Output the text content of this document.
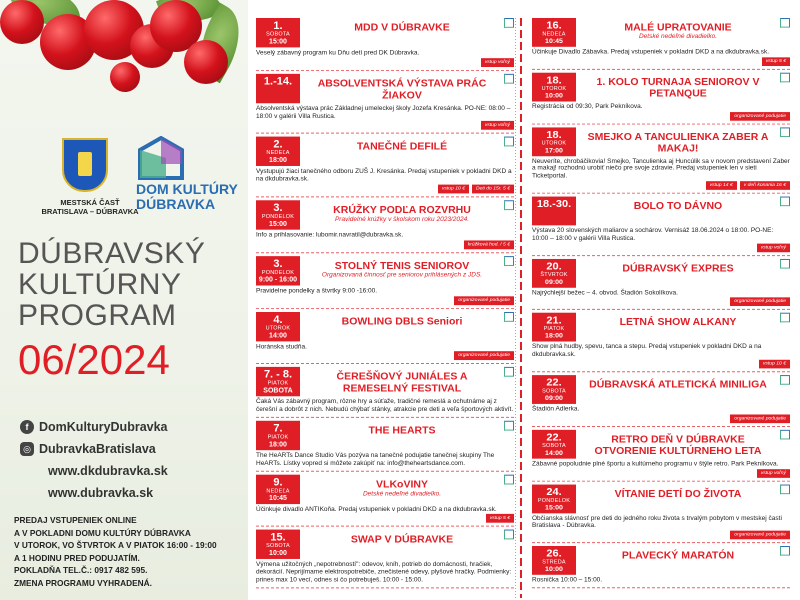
MESTSKÁ ČASŤ
BRATISLAVA – DÚBRAVKA
DOM KULTÚRY
DÚBRAVKA
DÚBRAVSKÝ
KULTÚRNY
PROGRAM
06/2024
f DomKulturyDubravka
◎ DubravkaBratislava
www.dkdubravka.sk
www.dubravka.sk
PREDAJ VSTUPENIEK ONLINE
A V POKLADNI DOMU KULTÚRY DÚBRAVKA
V UTOROK, VO ŠTVRTOK A V PIATOK 16:00 - 19:00
A 1 HODINU PRED PODUJATÍM.
POKLADŇA TEL.Č.: 0917 482 595.
ZMENA PROGRAMU VYHRADENÁ.
1.
SOBOTA
15:00
MDD V DÚBRAVKE
Veselý zábavný program ku Dňu detí pred DK Dúbravka.
vstup voľný
1.-14.	ABSOLVENTSKÁ VÝSTAVA PRÁC ŽIAKOV
Absolventská výstava prác Základnej umeleckej školy Jozefa Kresánka. PO-NE: 08:00 – 18:00 v galérii Villa Rustica.
vstup voľný
2.
NEDEĽA
18:00
TANEČNÉ DEFILÉ
Vystupujú žiaci tanečného odboru ZUŠ J. Kresánka. Predaj vstupeniek v pokladni DKD a na dkdubravka.sk.
vstup 10 €	Deti do 15r. 5 €
3.
PONDELOK
15:00
KRÚŽKY PODĽA ROZVRHU
Pravidelné krúžky v školskom roku 2023/2024.
Info a prihlasovanie: lubomir.navratil@dubravka.sk.
krúžková hod. / 5 €
3.
PONDELOK
9:00 - 16:00
STOLNÝ TENIS SENIOROV
Organizovaná činnosť pre seniorov prihlásených z JDS.
Pravidelne pondelky a štvrtky 9:00 -16:00.
organizované podujatie
4.
UTOROK
14:00
BOWLING DBLS Seniori
Horánska studňa.
organizované podujatie
7. - 8.
PIATOK
SOBOTA
ČEREŠŇOVÝ JUNIÁLES A REMESELNÝ FESTIVAL
Čaká Vás zábavný program, rôzne hry a súťaže, tradičné remeslá a ochutnáme aj z čerešní a dobrôt z nich. Nebudú chýbať stánky, atrakcie pre deti a veľa športových aktivít.
7.
PIATOK
18:00
THE HEARTS
The HeARTs Dance Studio Vás pozýva na tanečné podujatie tanečnej skupiny The HeARTs. Lístky vopred si môžete zakúpiť na: info@theheartsdance.com.
9.
NEDEĽA
10:45
VLKoVINY
Detské nedeľné divadielko.
Účinkuje divadlo ANTIKoňa. Predaj vstupeniek v pokladni DKD a na dkdubravka.sk.
vstup 5 €
15.
SOBOTA
10:00
SWAP V DÚBRAVKE
Výmena užitočných „nepotrebností": odevov, kníh, potrieb do domácnosti, hračiek, dekorácií. Neprijímame elektrospotrebiče, znečistené odevy, plyšové hračky. Podmienky: prines max 10 vecí, odnes si čo potrebuješ. 10:00 - 15:00.
16.
NEDEĽA
10:45
MALÉ UPRATOVANIE
Detské nedeľné divadielko.
Účinkuje Divadlo Zábavka. Predaj vstupeniek v pokladni DKD a na dkdubravka.sk.
vstup 5 €
18.
UTOROK
10:00
1. KOLO TURNAJA SENIOROV V PETANQUE
Registrácia od 09:30, Park Pekníkova.
organizované podujatie
18.
UTOROK
17:00
SMEJKO A TANCULIENKA ZABER A MAKAJ!
Neuveríte, chrobáčikovia! Smejko, Tanculienka aj Huncúlik sa v novom predstavení Zaber a makaj! rozhodnú urobiť niečo pre svoje zdravie. Predaj vstupeniek len v sieti Ticketportal.
vstup 14 €	v deň konania 16 €
18.-30.	BOLO TO DÁVNO
Výstava 20 slovenských maliarov a sochárov. Vernisáž 18.06.2024 o 18:00. PO-NE: 10:00 – 18:00 v galérii Villa Rustica.
vstup voľný
20.
ŠTVRTOK
09:00
DÚBRAVSKÝ EXPRES
Najrýchlejší bežec – 4. obvod. Štadión Sokolíkova.
organizované podujatie
21.
PIATOK
18:00
LETNÁ SHOW ALKANY
Show plná hudby, spevu, tanca a stepu. Predaj vstupeniek v pokladni DKD a na dkdubravka.sk.
vstup 10 €
22.
SOBOTA
09:00
DÚBRAVSKÁ ATLETICKÁ MINILIGA
Štadión Adlerka.
organizované podujatie
22.
SOBOTA
14:00
RETRO DEŇ V DÚBRAVKE OTVORENIE KULTÚRNEHO LETA
Zábavné popoludnie plné športu a kultúrneho programu v štýle retro. Park Pekníkova.
vstup voľný
24.
PONDELOK
15:00
VÍTANIE DETÍ DO ŽIVOTA
Občianska slávnosť pre deti do jedného roku života s trvalým pobytom v mestskej časti Bratislava - Dúbravka.
organizované podujatie
26.
STREDA
10:00
PLAVECKÝ MARATÓN
Rosnička 10:00 – 15:00.
